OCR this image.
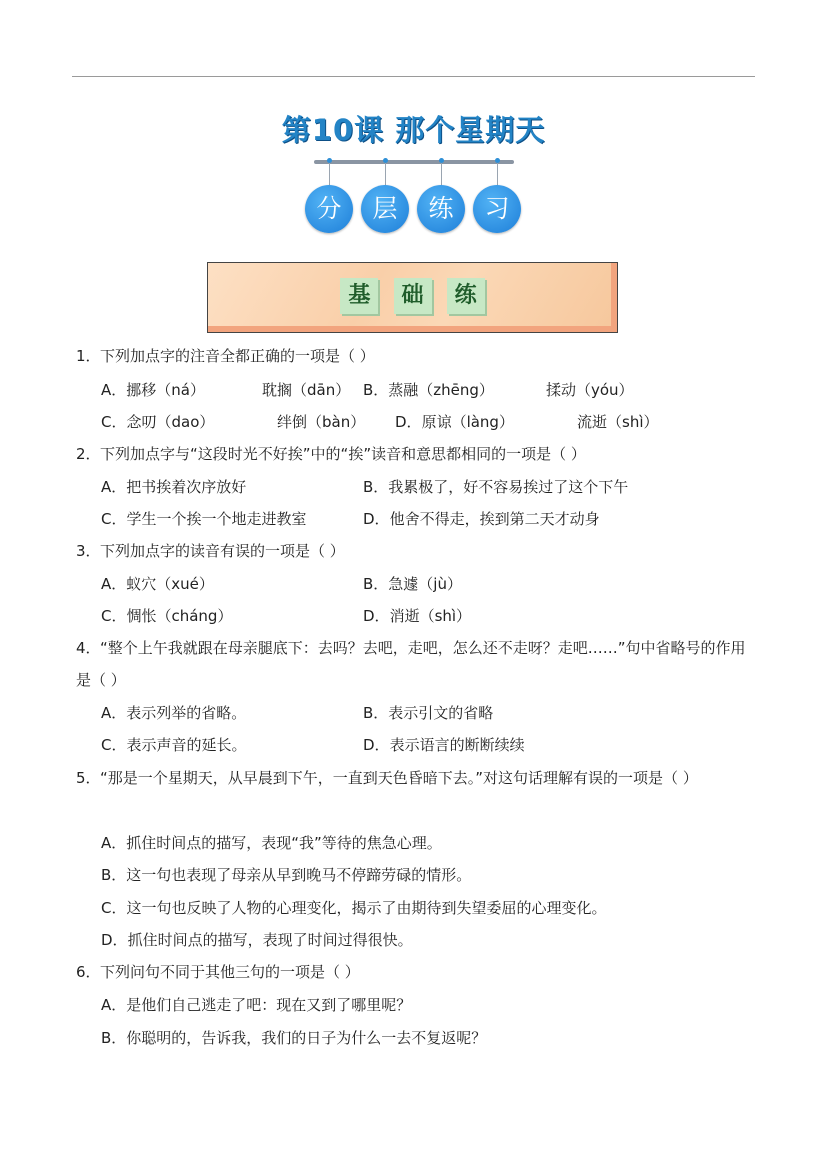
第10课 那个星期天
分	层	练	习
基 础 练
1．下列加点字的注音全都正确的一项是（ ）
A．挪移（ná）	耽搁（dān） B．蒸融（zhēng）	揉动（yóu）
C．念叨（dao）	绊倒（bàn） D．原谅（làng）	流逝（shì）
2．下列加点字与“这段时光不好挨”中的“挨”读音和意思都相同的一项是（ ）
A．把书挨着次序放好	B．我累极了，好不容易挨过了这个下午
C．学生一个挨一个地走进教室	D．他舍不得走，挨到第二天才动身
3．下列加点字的读音有误的一项是（ ）
A．蚁穴（xué）	B．急遽（jù）
C．惆怅（cháng）	D．消逝（shì）
4．“整个上午我就跟在母亲腿底下：去吗？去吧，走吧，怎么还不走呀？走吧……”句中省略号的作用是（ ）
A．表示列举的省略。	B．表示引文的省略
C．表示声音的延长。	D．表示语言的断断续续
5．“那是一个星期天，从早晨到下午，一直到天色昏暗下去。”对这句话理解有误的一项是（ ）
A．抓住时间点的描写，表现“我”等待的焦急心理。
B．这一句也表现了母亲从早到晚马不停蹄劳碌的情形。
C．这一句也反映了人物的心理变化，揭示了由期待到失望委屈的心理变化。
D．抓住时间点的描写，表现了时间过得很快。
6．下列问句不同于其他三句的一项是（ ）
A．是他们自己逃走了吧：现在又到了哪里呢？
B．你聪明的，告诉我，我们的日子为什么一去不复返呢？
